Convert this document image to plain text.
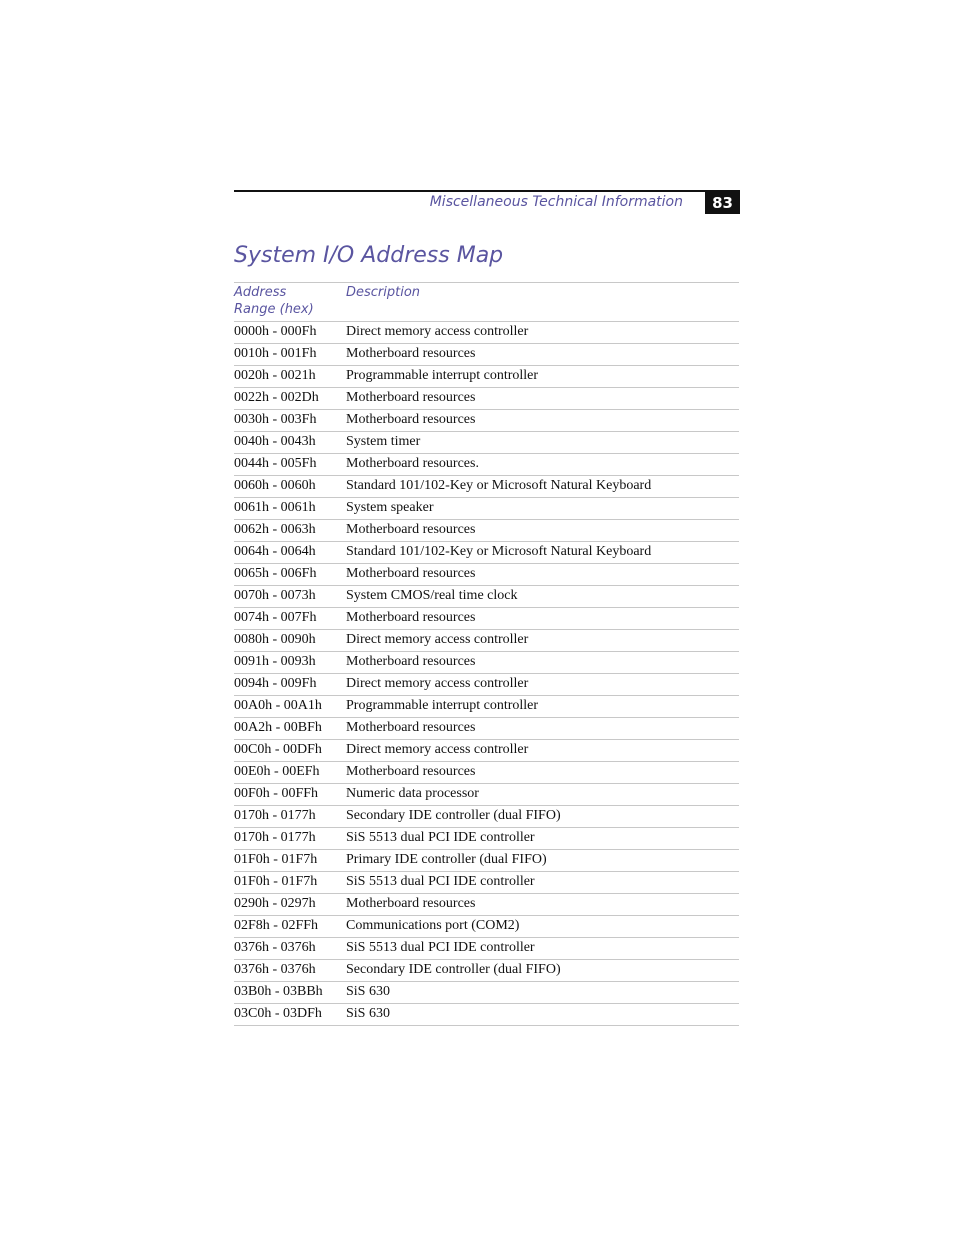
Miscellaneous Technical Information	83
System I/O Address Map
Address
Range (hex)
Description
0000h - 000Fh Direct memory access controller
0010h - 001Fh Motherboard resources
0020h - 0021h Programmable interrupt controller
0022h - 002Dh Motherboard resources
0030h - 003Fh Motherboard resources
0040h - 0043h System timer
0044h - 005Fh Motherboard resources.
0060h - 0060h Standard 101/102-Key or Microsoft Natural Keyboard
0061h - 0061h System speaker
0062h - 0063h Motherboard resources
0064h - 0064h Standard 101/102-Key or Microsoft Natural Keyboard
0065h - 006Fh Motherboard resources
0070h - 0073h System CMOS/real time clock
0074h - 007Fh Motherboard resources
0080h - 0090h Direct memory access controller
0091h - 0093h Motherboard resources
0094h - 009Fh Direct memory access controller
00A0h - 00A1h Programmable interrupt controller
00A2h - 00BFh Motherboard resources
00C0h - 00DFh Direct memory access controller
00E0h - 00EFh Motherboard resources
00F0h - 00FFh Numeric data processor
0170h - 0177h Secondary IDE controller (dual FIFO)
0170h - 0177h SiS 5513 dual PCI IDE controller
01F0h - 01F7h Primary IDE controller (dual FIFO)
01F0h - 01F7h SiS 5513 dual PCI IDE controller
0290h - 0297h Motherboard resources
02F8h - 02FFh Communications port (COM2)
0376h - 0376h SiS 5513 dual PCI IDE controller
0376h - 0376h Secondary IDE controller (dual FIFO)
03B0h - 03BBh SiS 630
03C0h - 03DFh SiS 630
